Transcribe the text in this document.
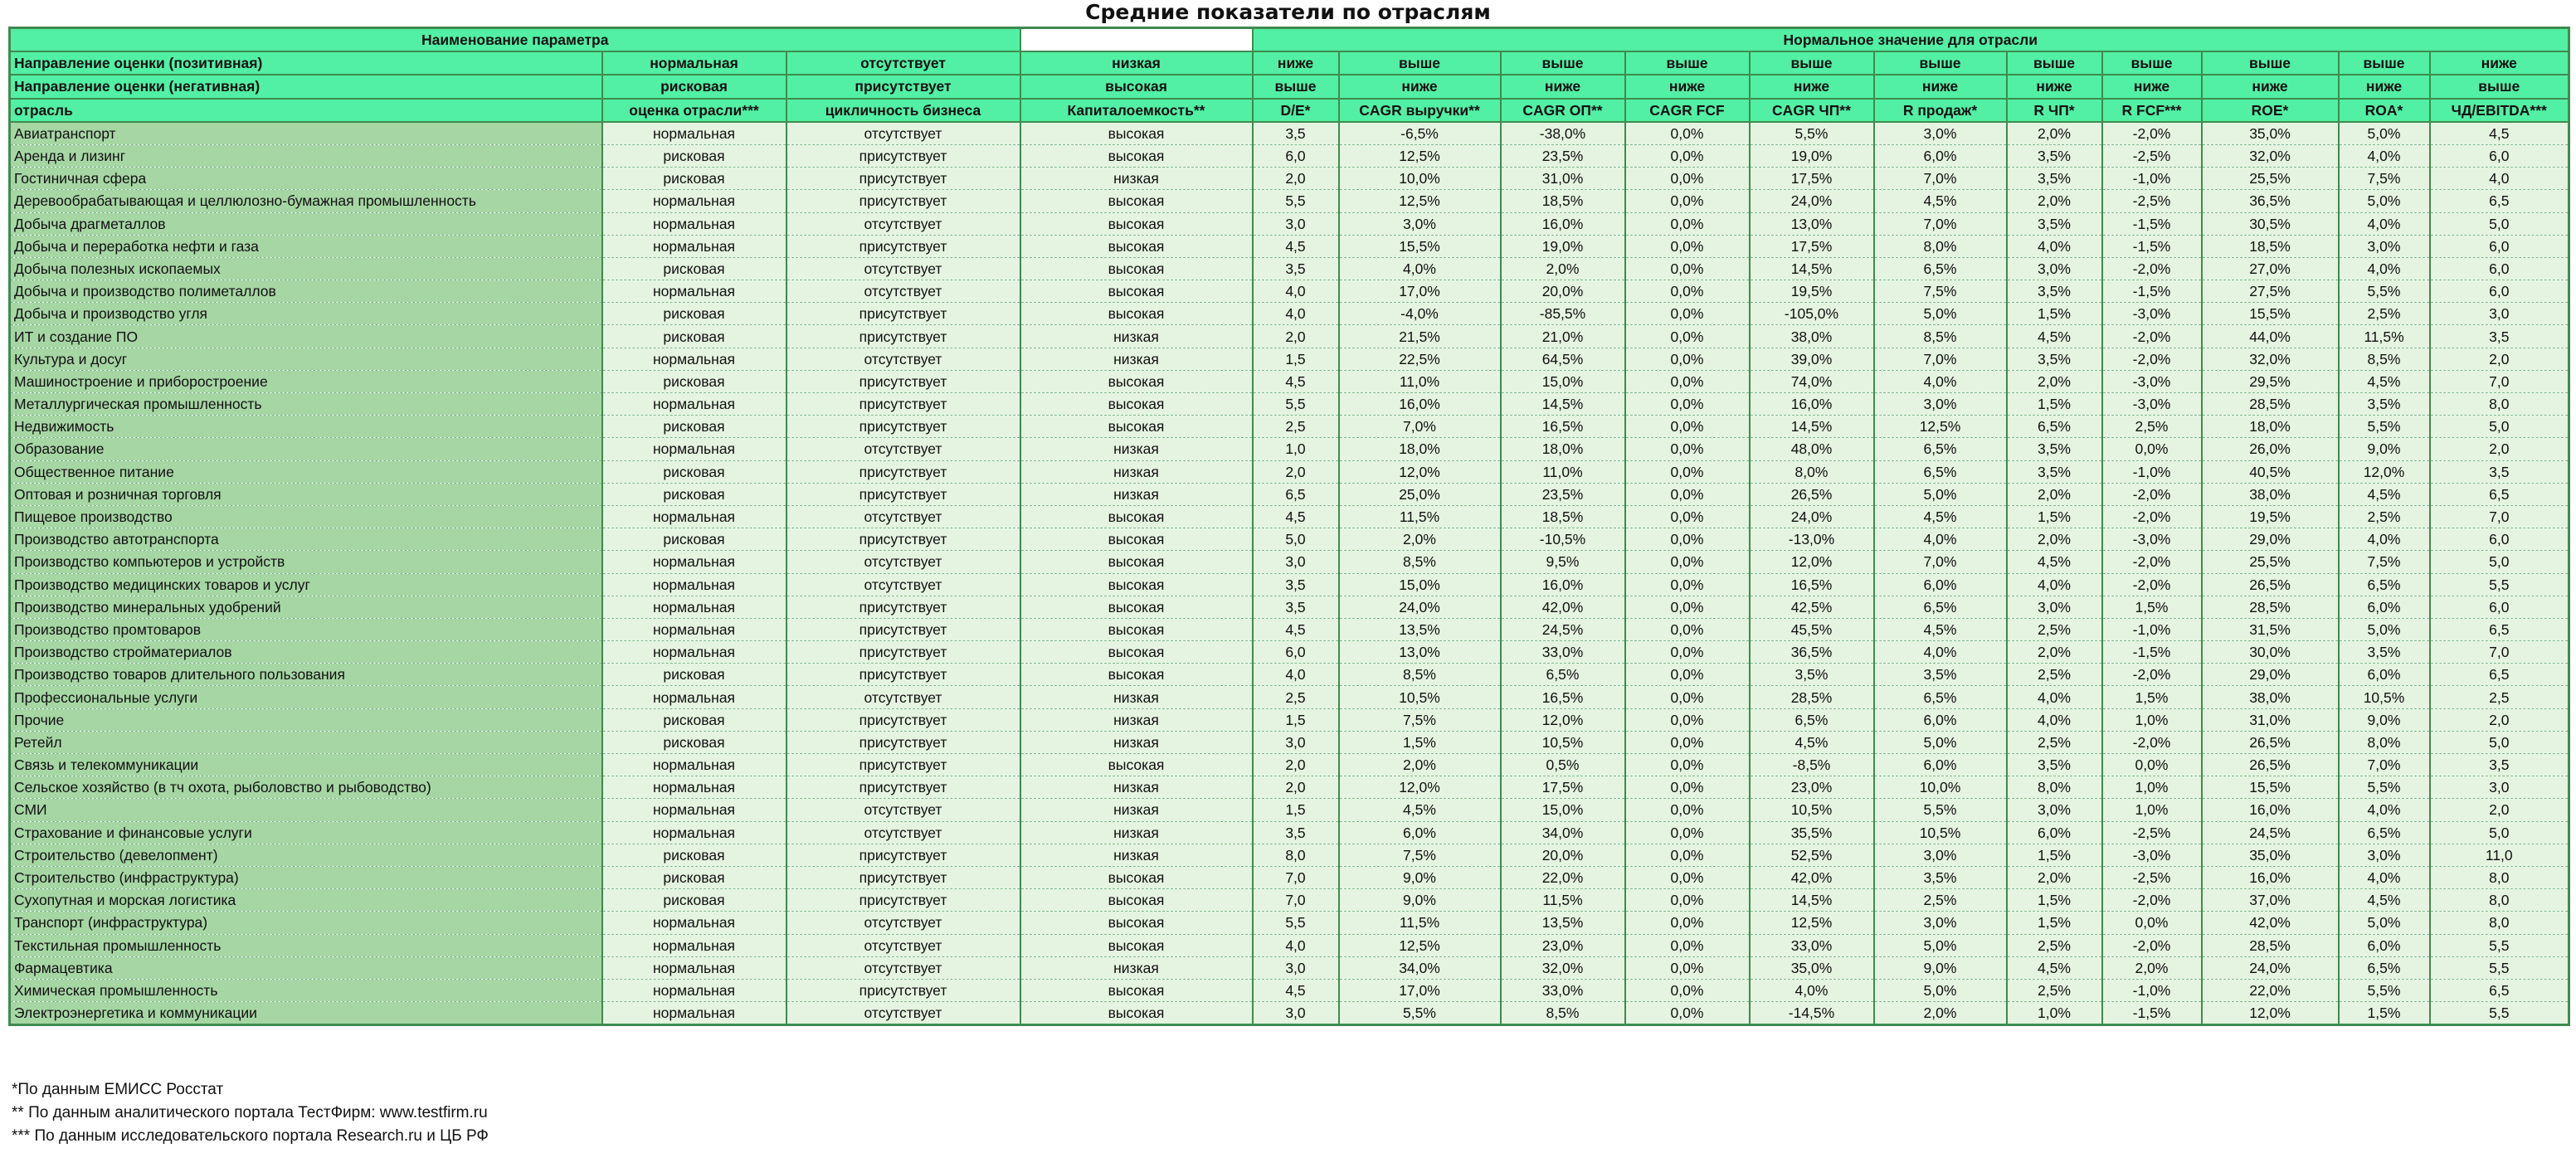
Средние показатели по отраслям
Наименование параметра				Нормальное значение для отрасли										
Направление оценки (позитивная)	нормальная	отсутствует	низкая	ниже	выше	выше	выше	выше	выше	выше	выше	выше	выше	ниже
Направление оценки (негативная)	рисковая	присутствует	высокая	выше	ниже	ниже	ниже	ниже	ниже	ниже	ниже	ниже	ниже	выше
отрасль	оценка отрасли***	цикличность бизнеса	Капиталоемкость**	D/E*	CAGR выручки**	CAGR ОП**	CAGR FCF	CAGR ЧП**	R продаж*	R ЧП*	R FCF***	ROE*	ROA*	ЧД/EBITDA***
Авиатранспорт	нормальная	отсутствует	высокая	3,5	-6,5%	-38,0%	0,0%	5,5%	3,0%	2,0%	-2,0%	35,0%	5,0%	4,5
Аренда и лизинг	рисковая	присутствует	высокая	6,0	12,5%	23,5%	0,0%	19,0%	6,0%	3,5%	-2,5%	32,0%	4,0%	6,0
Гостиничная сфера	рисковая	присутствует	низкая	2,0	10,0%	31,0%	0,0%	17,5%	7,0%	3,5%	-1,0%	25,5%	7,5%	4,0
Деревообрабатывающая и целлюлозно-бумажная промышленность	нормальная	присутствует	высокая	5,5	12,5%	18,5%	0,0%	24,0%	4,5%	2,0%	-2,5%	36,5%	5,0%	6,5
Добыча драгметаллов	нормальная	отсутствует	высокая	3,0	3,0%	16,0%	0,0%	13,0%	7,0%	3,5%	-1,5%	30,5%	4,0%	5,0
Добыча и переработка нефти и газа	нормальная	присутствует	высокая	4,5	15,5%	19,0%	0,0%	17,5%	8,0%	4,0%	-1,5%	18,5%	3,0%	6,0
Добыча полезных ископаемых	рисковая	отсутствует	высокая	3,5	4,0%	2,0%	0,0%	14,5%	6,5%	3,0%	-2,0%	27,0%	4,0%	6,0
Добыча и производство полиметаллов	нормальная	отсутствует	высокая	4,0	17,0%	20,0%	0,0%	19,5%	7,5%	3,5%	-1,5%	27,5%	5,5%	6,0
Добыча и производство угля	рисковая	присутствует	высокая	4,0	-4,0%	-85,5%	0,0%	-105,0%	5,0%	1,5%	-3,0%	15,5%	2,5%	3,0
ИТ и создание ПО	рисковая	присутствует	низкая	2,0	21,5%	21,0%	0,0%	38,0%	8,5%	4,5%	-2,0%	44,0%	11,5%	3,5
Культура и досуг	нормальная	отсутствует	низкая	1,5	22,5%	64,5%	0,0%	39,0%	7,0%	3,5%	-2,0%	32,0%	8,5%	2,0
Машиностроение и приборостроение	рисковая	присутствует	высокая	4,5	11,0%	15,0%	0,0%	74,0%	4,0%	2,0%	-3,0%	29,5%	4,5%	7,0
Металлургическая промышленность	нормальная	присутствует	высокая	5,5	16,0%	14,5%	0,0%	16,0%	3,0%	1,5%	-3,0%	28,5%	3,5%	8,0
Недвижимость	рисковая	присутствует	высокая	2,5	7,0%	16,5%	0,0%	14,5%	12,5%	6,5%	2,5%	18,0%	5,5%	5,0
Образование	нормальная	отсутствует	низкая	1,0	18,0%	18,0%	0,0%	48,0%	6,5%	3,5%	0,0%	26,0%	9,0%	2,0
Общественное питание	рисковая	присутствует	низкая	2,0	12,0%	11,0%	0,0%	8,0%	6,5%	3,5%	-1,0%	40,5%	12,0%	3,5
Оптовая и розничная торговля	рисковая	присутствует	низкая	6,5	25,0%	23,5%	0,0%	26,5%	5,0%	2,0%	-2,0%	38,0%	4,5%	6,5
Пищевое производство	нормальная	отсутствует	высокая	4,5	11,5%	18,5%	0,0%	24,0%	4,5%	1,5%	-2,0%	19,5%	2,5%	7,0
Производство автотранспорта	рисковая	присутствует	высокая	5,0	2,0%	-10,5%	0,0%	-13,0%	4,0%	2,0%	-3,0%	29,0%	4,0%	6,0
Производство компьютеров и устройств	нормальная	отсутствует	высокая	3,0	8,5%	9,5%	0,0%	12,0%	7,0%	4,5%	-2,0%	25,5%	7,5%	5,0
Производство медицинских товаров и услуг	нормальная	отсутствует	высокая	3,5	15,0%	16,0%	0,0%	16,5%	6,0%	4,0%	-2,0%	26,5%	6,5%	5,5
Производство минеральных удобрений	нормальная	присутствует	высокая	3,5	24,0%	42,0%	0,0%	42,5%	6,5%	3,0%	1,5%	28,5%	6,0%	6,0
Производство промтоваров	нормальная	присутствует	высокая	4,5	13,5%	24,5%	0,0%	45,5%	4,5%	2,5%	-1,0%	31,5%	5,0%	6,5
Производство стройматериалов	нормальная	присутствует	высокая	6,0	13,0%	33,0%	0,0%	36,5%	4,0%	2,0%	-1,5%	30,0%	3,5%	7,0
Производство товаров длительного пользования	рисковая	присутствует	высокая	4,0	8,5%	6,5%	0,0%	3,5%	3,5%	2,5%	-2,0%	29,0%	6,0%	6,5
Профессиональные услуги	нормальная	отсутствует	низкая	2,5	10,5%	16,5%	0,0%	28,5%	6,5%	4,0%	1,5%	38,0%	10,5%	2,5
Прочие	рисковая	присутствует	низкая	1,5	7,5%	12,0%	0,0%	6,5%	6,0%	4,0%	1,0%	31,0%	9,0%	2,0
Ретейл	рисковая	присутствует	низкая	3,0	1,5%	10,5%	0,0%	4,5%	5,0%	2,5%	-2,0%	26,5%	8,0%	5,0
Связь и телекоммуникации	нормальная	присутствует	высокая	2,0	2,0%	0,5%	0,0%	-8,5%	6,0%	3,5%	0,0%	26,5%	7,0%	3,5
Сельское хозяйство (в тч охота, рыболовство и рыбоводство)	нормальная	присутствует	низкая	2,0	12,0%	17,5%	0,0%	23,0%	10,0%	8,0%	1,0%	15,5%	5,5%	3,0
СМИ	нормальная	отсутствует	низкая	1,5	4,5%	15,0%	0,0%	10,5%	5,5%	3,0%	1,0%	16,0%	4,0%	2,0
Страхование и финансовые услуги	нормальная	отсутствует	низкая	3,5	6,0%	34,0%	0,0%	35,5%	10,5%	6,0%	-2,5%	24,5%	6,5%	5,0
Строительство (девелопмент)	рисковая	присутствует	низкая	8,0	7,5%	20,0%	0,0%	52,5%	3,0%	1,5%	-3,0%	35,0%	3,0%	11,0
Строительство (инфраструктура)	рисковая	присутствует	высокая	7,0	9,0%	22,0%	0,0%	42,0%	3,5%	2,0%	-2,5%	16,0%	4,0%	8,0
Сухопутная и морская логистика	рисковая	присутствует	высокая	7,0	9,0%	11,5%	0,0%	14,5%	2,5%	1,5%	-2,0%	37,0%	4,5%	8,0
Транспорт (инфраструктура)	нормальная	отсутствует	высокая	5,5	11,5%	13,5%	0,0%	12,5%	3,0%	1,5%	0,0%	42,0%	5,0%	8,0
Текстильная промышленность	нормальная	отсутствует	высокая	4,0	12,5%	23,0%	0,0%	33,0%	5,0%	2,5%	-2,0%	28,5%	6,0%	5,5
Фармацевтика	нормальная	отсутствует	низкая	3,0	34,0%	32,0%	0,0%	35,0%	9,0%	4,5%	2,0%	24,0%	6,5%	5,5
Химическая промышленность	нормальная	присутствует	высокая	4,5	17,0%	33,0%	0,0%	4,0%	5,0%	2,5%	-1,0%	22,0%	5,5%	6,5
Электроэнергетика и коммуникации	нормальная	отсутствует	высокая	3,0	5,5%	8,5%	0,0%	-14,5%	2,0%	1,0%	-1,5%	12,0%	1,5%	5,5
*По данным ЕМИСС Росстат
** По данным аналитического портала ТестФирм: www.testfirm.ru
*** По данным исследовательского портала Research.ru и ЦБ РФ
